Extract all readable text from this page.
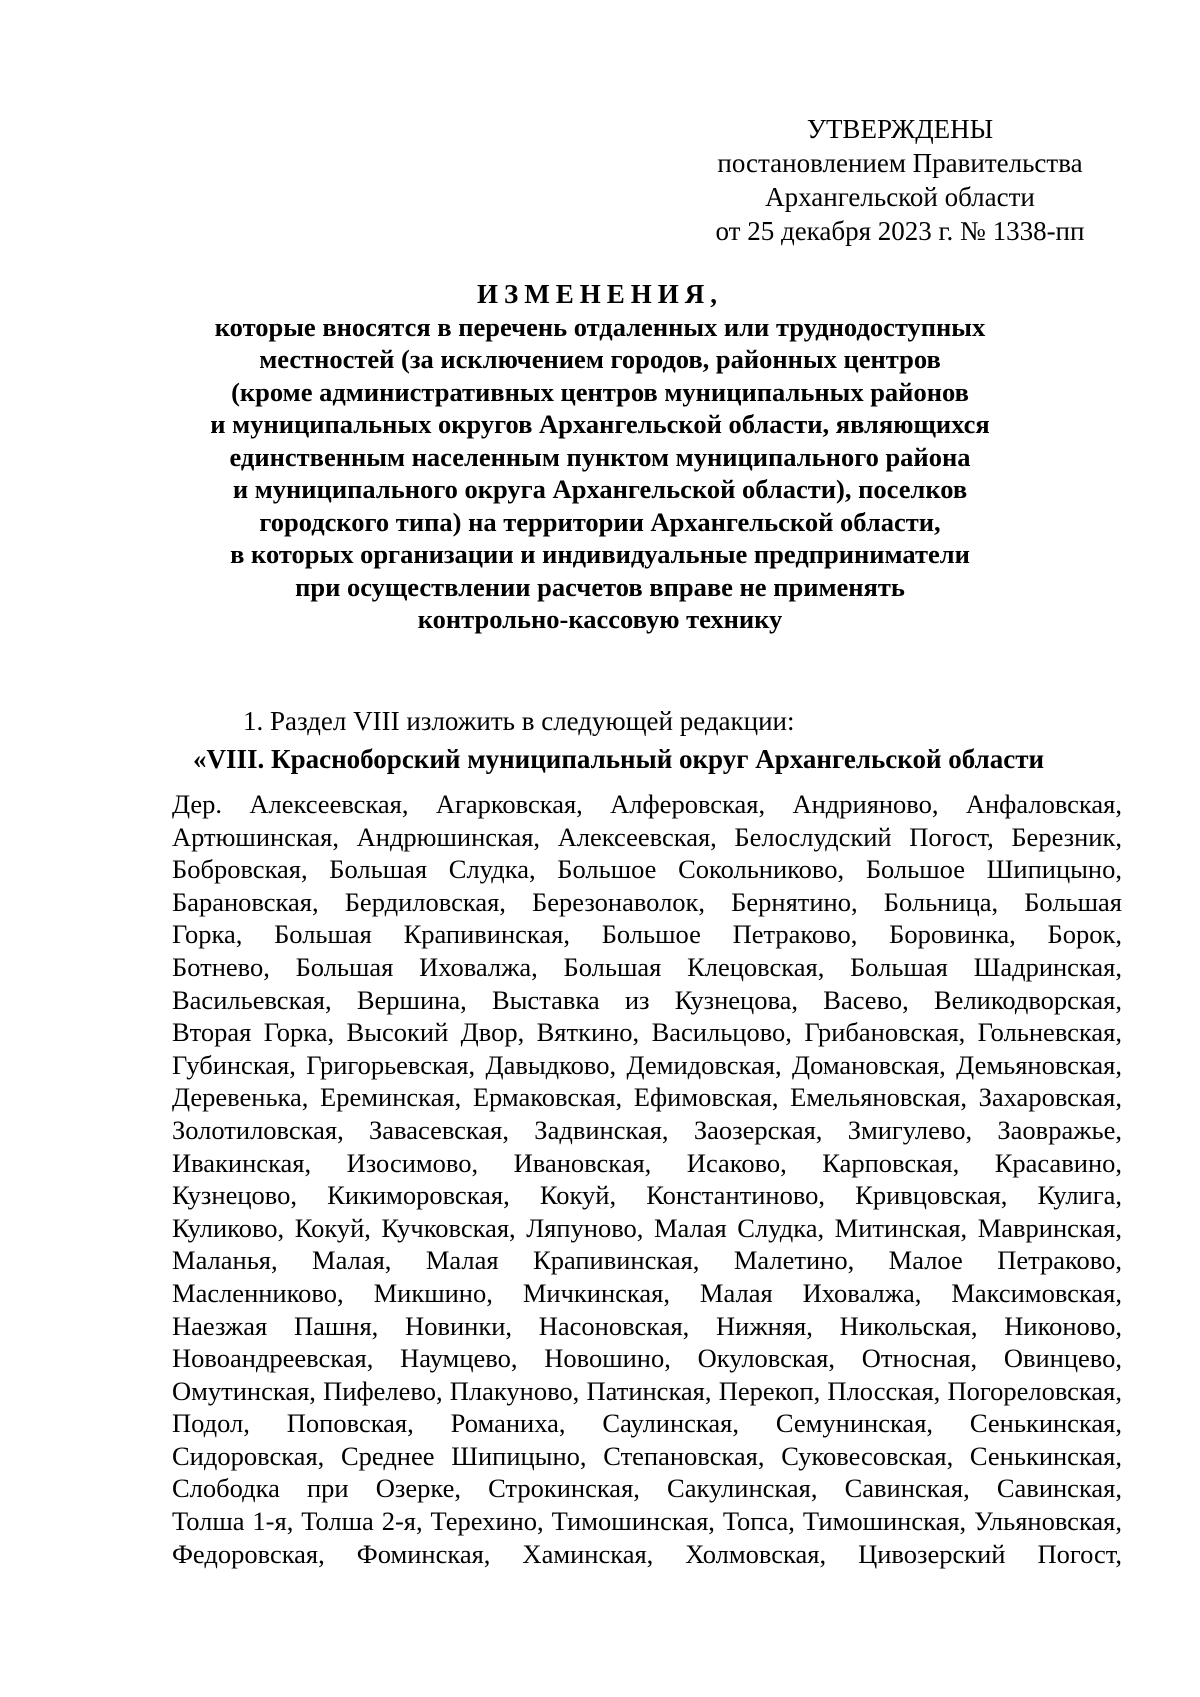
УТВЕРЖДЕНЫ
постановлением Правительства
Архангельской области
от 25 декабря 2023 г. № 1338-пп
ИЗМЕНЕНИЯ,
которые вносятся в перечень отдаленных или труднодоступных
местностей (за исключением городов, районных центров
(кроме административных центров муниципальных районов
и муниципальных округов Архангельской области, являющихся
единственным населенным пунктом муниципального района
и муниципального округа Архангельской области), поселков
городского типа) на территории Архангельской области,
в которых организации и индивидуальные предприниматели
при осуществлении расчетов вправе не применять
контрольно-кассовую технику
1. Раздел VIII изложить в следующей редакции:
«VIII. Красноборский муниципальный округ Архангельской области
Дер. Алексеевская, Агарковская, Алферовская, Андрияново, Анфаловская,
Артюшинская, Андрюшинская, Алексеевская, Белослудский Погост, Березник,
Бобровская, Большая Слудка, Большое Сокольниково, Большое Шипицыно,
Барановская, Бердиловская, Березонаволок, Бернятино, Больница, Большая
Горка, Большая Крапивинская, Большое Петраково, Боровинка, Борок,
Ботнево, Большая Иховалжа, Большая Клецовская, Большая Шадринская,
Васильевская, Вершина, Выставка из Кузнецова, Васево, Великодворская,
Вторая Горка, Высокий Двор, Вяткино, Васильцово, Грибановская, Гольневская,
Губинская, Григорьевская, Давыдково, Демидовская, Домановская, Демьяновская,
Деревенька, Ереминская, Ермаковская, Ефимовская, Емельяновская, Захаровская,
Золотиловская, Завасевская, Задвинская, Заозерская, Змигулево, Заовражье,
Ивакинская, Изосимово, Ивановская, Исаково, Карповская, Красавино,
Кузнецово, Кикиморовская, Кокуй, Константиново, Кривцовская, Кулига,
Куликово, Кокуй, Кучковская, Ляпуново, Малая Слудка, Митинская, Мавринская,
Маланья, Малая, Малая Крапивинская, Малетино, Малое Петраково,
Масленниково, Микшино, Мичкинская, Малая Иховалжа, Максимовская,
Наезжая Пашня, Новинки, Насоновская, Нижняя, Никольская, Никоново,
Новоандреевская, Наумцево, Новошино, Окуловская, Относная, Овинцево,
Омутинская, Пифелево, Плакуново, Патинская, Перекоп, Плосская, Погореловская,
Подол, Поповская, Романиха, Саулинская, Семунинская, Сенькинская,
Сидоровская, Среднее Шипицыно, Степановская, Суковесовская, Сенькинская,
Слободка при Озерке, Строкинская, Сакулинская, Савинская, Савинская,
Толша 1-я, Толша 2-я, Терехино, Тимошинская, Топса, Тимошинская, Ульяновская,
Федоровская, Фоминская, Хаминская, Холмовская, Цивозерский Погост,
